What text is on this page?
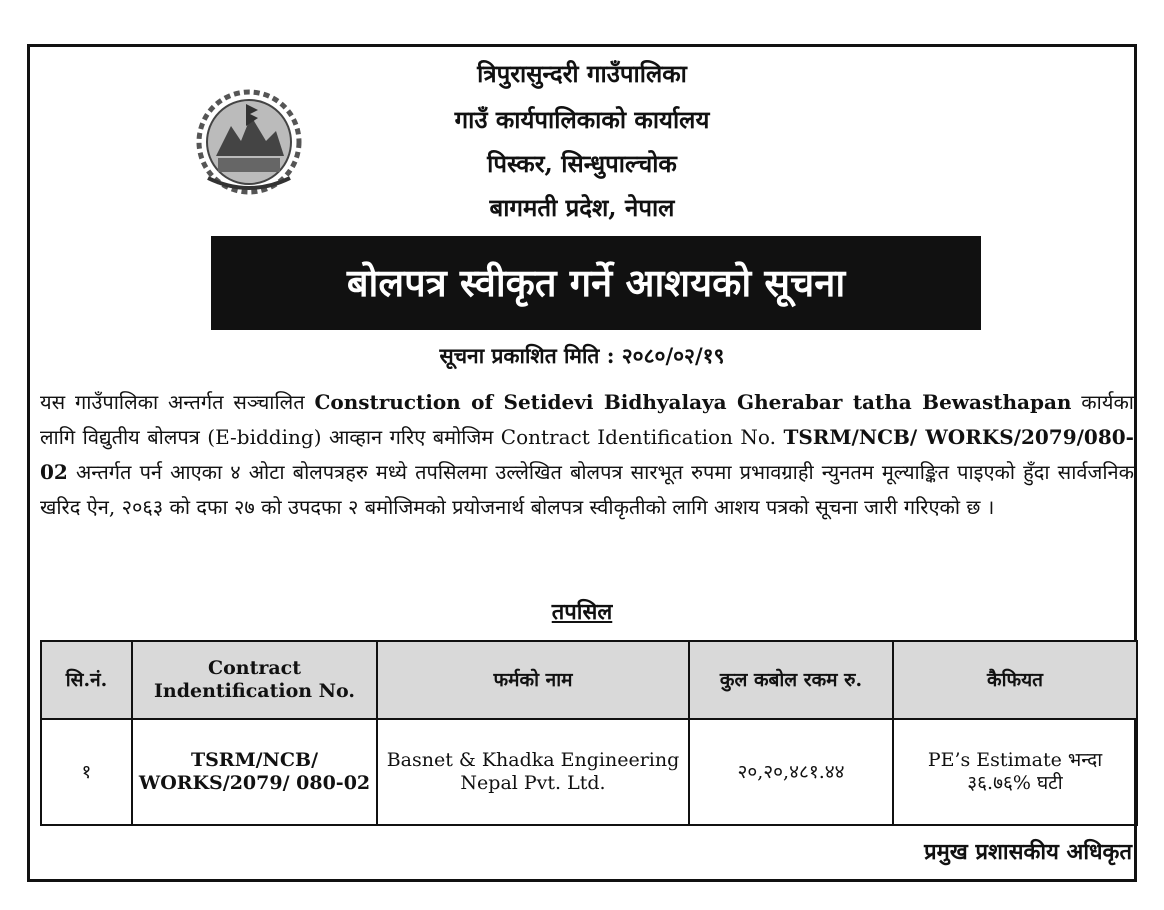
त्रिपुरासुन्दरी गाउँपालिका
गाउँ कार्यपालिकाको कार्यालय
पिस्कर, सिन्धुपाल्चोक
बागमती प्रदेश, नेपाल
बोलपत्र स्वीकृत गर्ने आशयको सूचना
सूचना प्रकाशित मिति : २०८०/०२/१९
यस गाउँपालिका अन्तर्गत सञ्चालित Construction of Setidevi Bidhyalaya Gherabar tatha Bewasthapan कार्यका लागि विद्युतीय बोलपत्र (E-bidding) आव्हान गरिए बमोजिम Contract Identification No. TSRM/NCB/ WORKS/2079/080-02 अन्तर्गत पर्न आएका ४ ओटा बोलपत्रहरु मध्ये तपसिलमा उल्लेखित बोलपत्र सारभूत रुपमा प्रभावग्राही न्युनतम मूल्याङ्कित पाइएको हुँदा सार्वजनिक खरिद ऐन, २०६३ को दफा २७ को उपदफा २ बमोजिमको प्रयोजनार्थ बोलपत्र स्वीकृतीको लागि आशय पत्रको सूचना जारी गरिएको छ ।
तपसिल
सि.नं.	Contract Indentification No.	फर्मको नाम	कुल कबोल रकम रु.	कैफियत
१	TSRM/NCB/ WORKS/2079/ 080-02	Basnet & Khadka Engineering Nepal Pvt. Ltd.	२०,२०,४८१.४४	PE’s Estimate भन्दा ३६.७६% घटी
प्रमुख प्रशासकीय अधिकृत
